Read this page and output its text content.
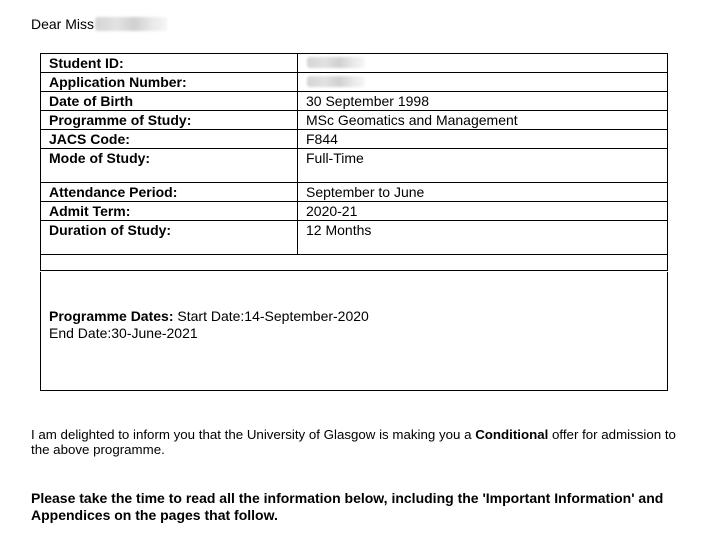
Dear Miss
Student ID:	
Application Number:	
Date of Birth	30 September 1998
Programme of Study:	MSc Geomatics and Management
JACS Code:	F844
Mode of Study:	Full-Time
Attendance Period:	September to June
Admit Term:	2020-21
Duration of Study:	12 Months

Programme Dates: Start Date:14-September-2020
End Date:30-June-2021
I am delighted to inform you that the University of Glasgow is making you a Conditional offer for admission to the above programme.
Please take the time to read all the information below, including the 'Important Information' and Appendices on the pages that follow.
